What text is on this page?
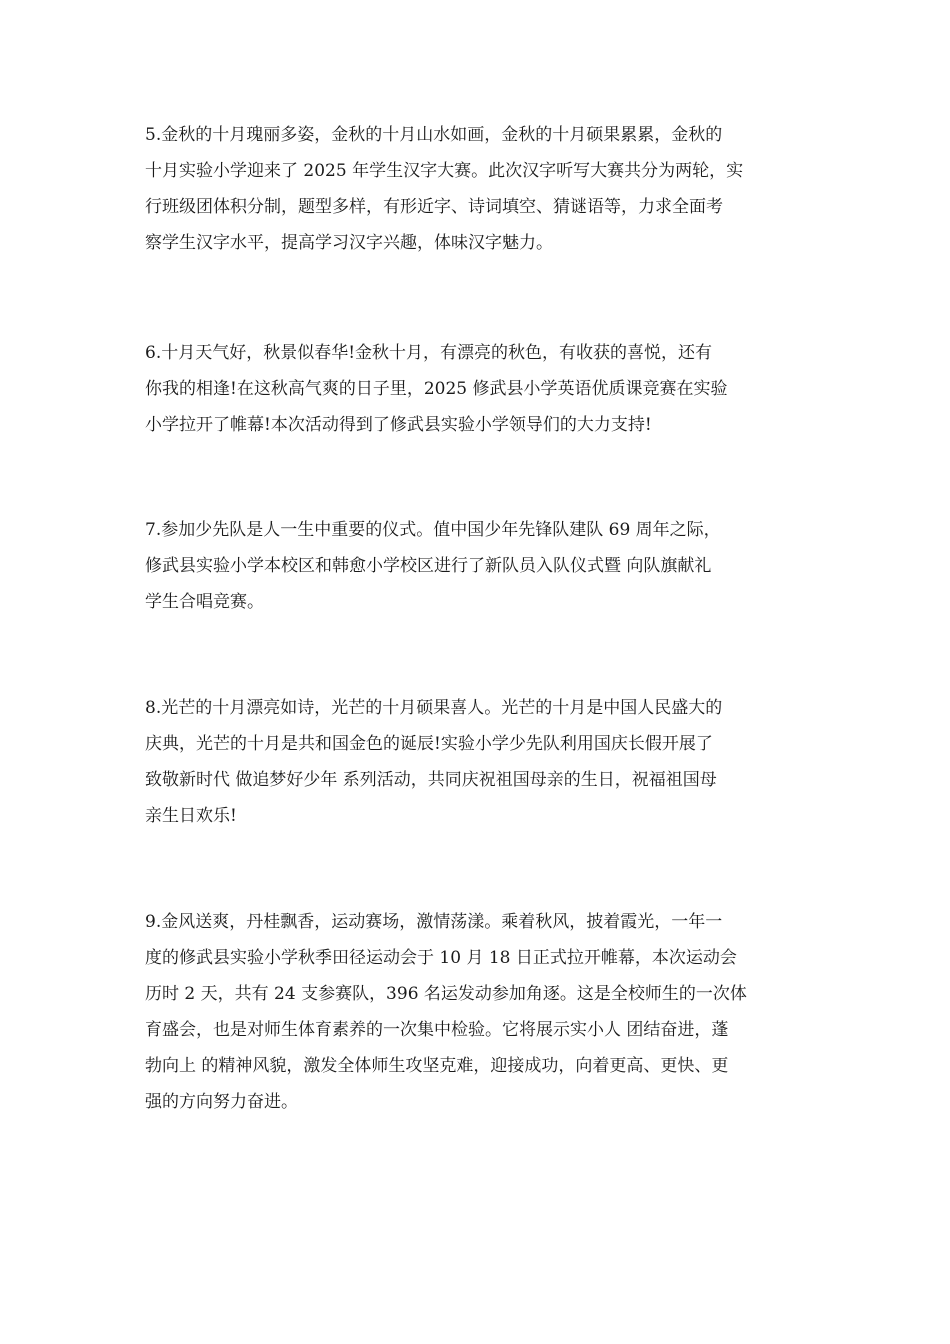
5.金秋的十月瑰丽多姿，金秋的十月山水如画，金秋的十月硕果累累，金秋的
十月实验小学迎来了 2025 年学生汉字大赛。此次汉字听写大赛共分为两轮，实
行班级团体积分制，题型多样，有形近字、诗词填空、猜谜语等，力求全面考
察学生汉字水平，提高学习汉字兴趣，体味汉字魅力。
6.十月天气好，秋景似春华!金秋十月，有漂亮的秋色，有收获的喜悦，还有
你我的相逢!在这秋高气爽的日子里，2025 修武县小学英语优质课竞赛在实验
小学拉开了帷幕!本次活动得到了修武县实验小学领导们的大力支持!
7.参加少先队是人一生中重要的仪式。值中国少年先锋队建队 69 周年之际，
修武县实验小学本校区和韩愈小学校区进行了新队员入队仪式暨 向队旗献礼
学生合唱竞赛。
8.光芒的十月漂亮如诗，光芒的十月硕果喜人。光芒的十月是中国人民盛大的
庆典，光芒的十月是共和国金色的诞辰!实验小学少先队利用国庆长假开展了
致敬新时代 做追梦好少年 系列活动，共同庆祝祖国母亲的生日，祝福祖国母
亲生日欢乐!
9.金风送爽，丹桂飘香，运动赛场，激情荡漾。乘着秋风，披着霞光，一年一
度的修武县实验小学秋季田径运动会于 10 月 18 日正式拉开帷幕，本次运动会
历时 2 天，共有 24 支参赛队，396 名运发动参加角逐。这是全校师生的一次体
育盛会，也是对师生体育素养的一次集中检验。它将展示实小人 团结奋进，蓬
勃向上 的精神风貌，激发全体师生攻坚克难，迎接成功，向着更高、更快、更
强的方向努力奋进。
